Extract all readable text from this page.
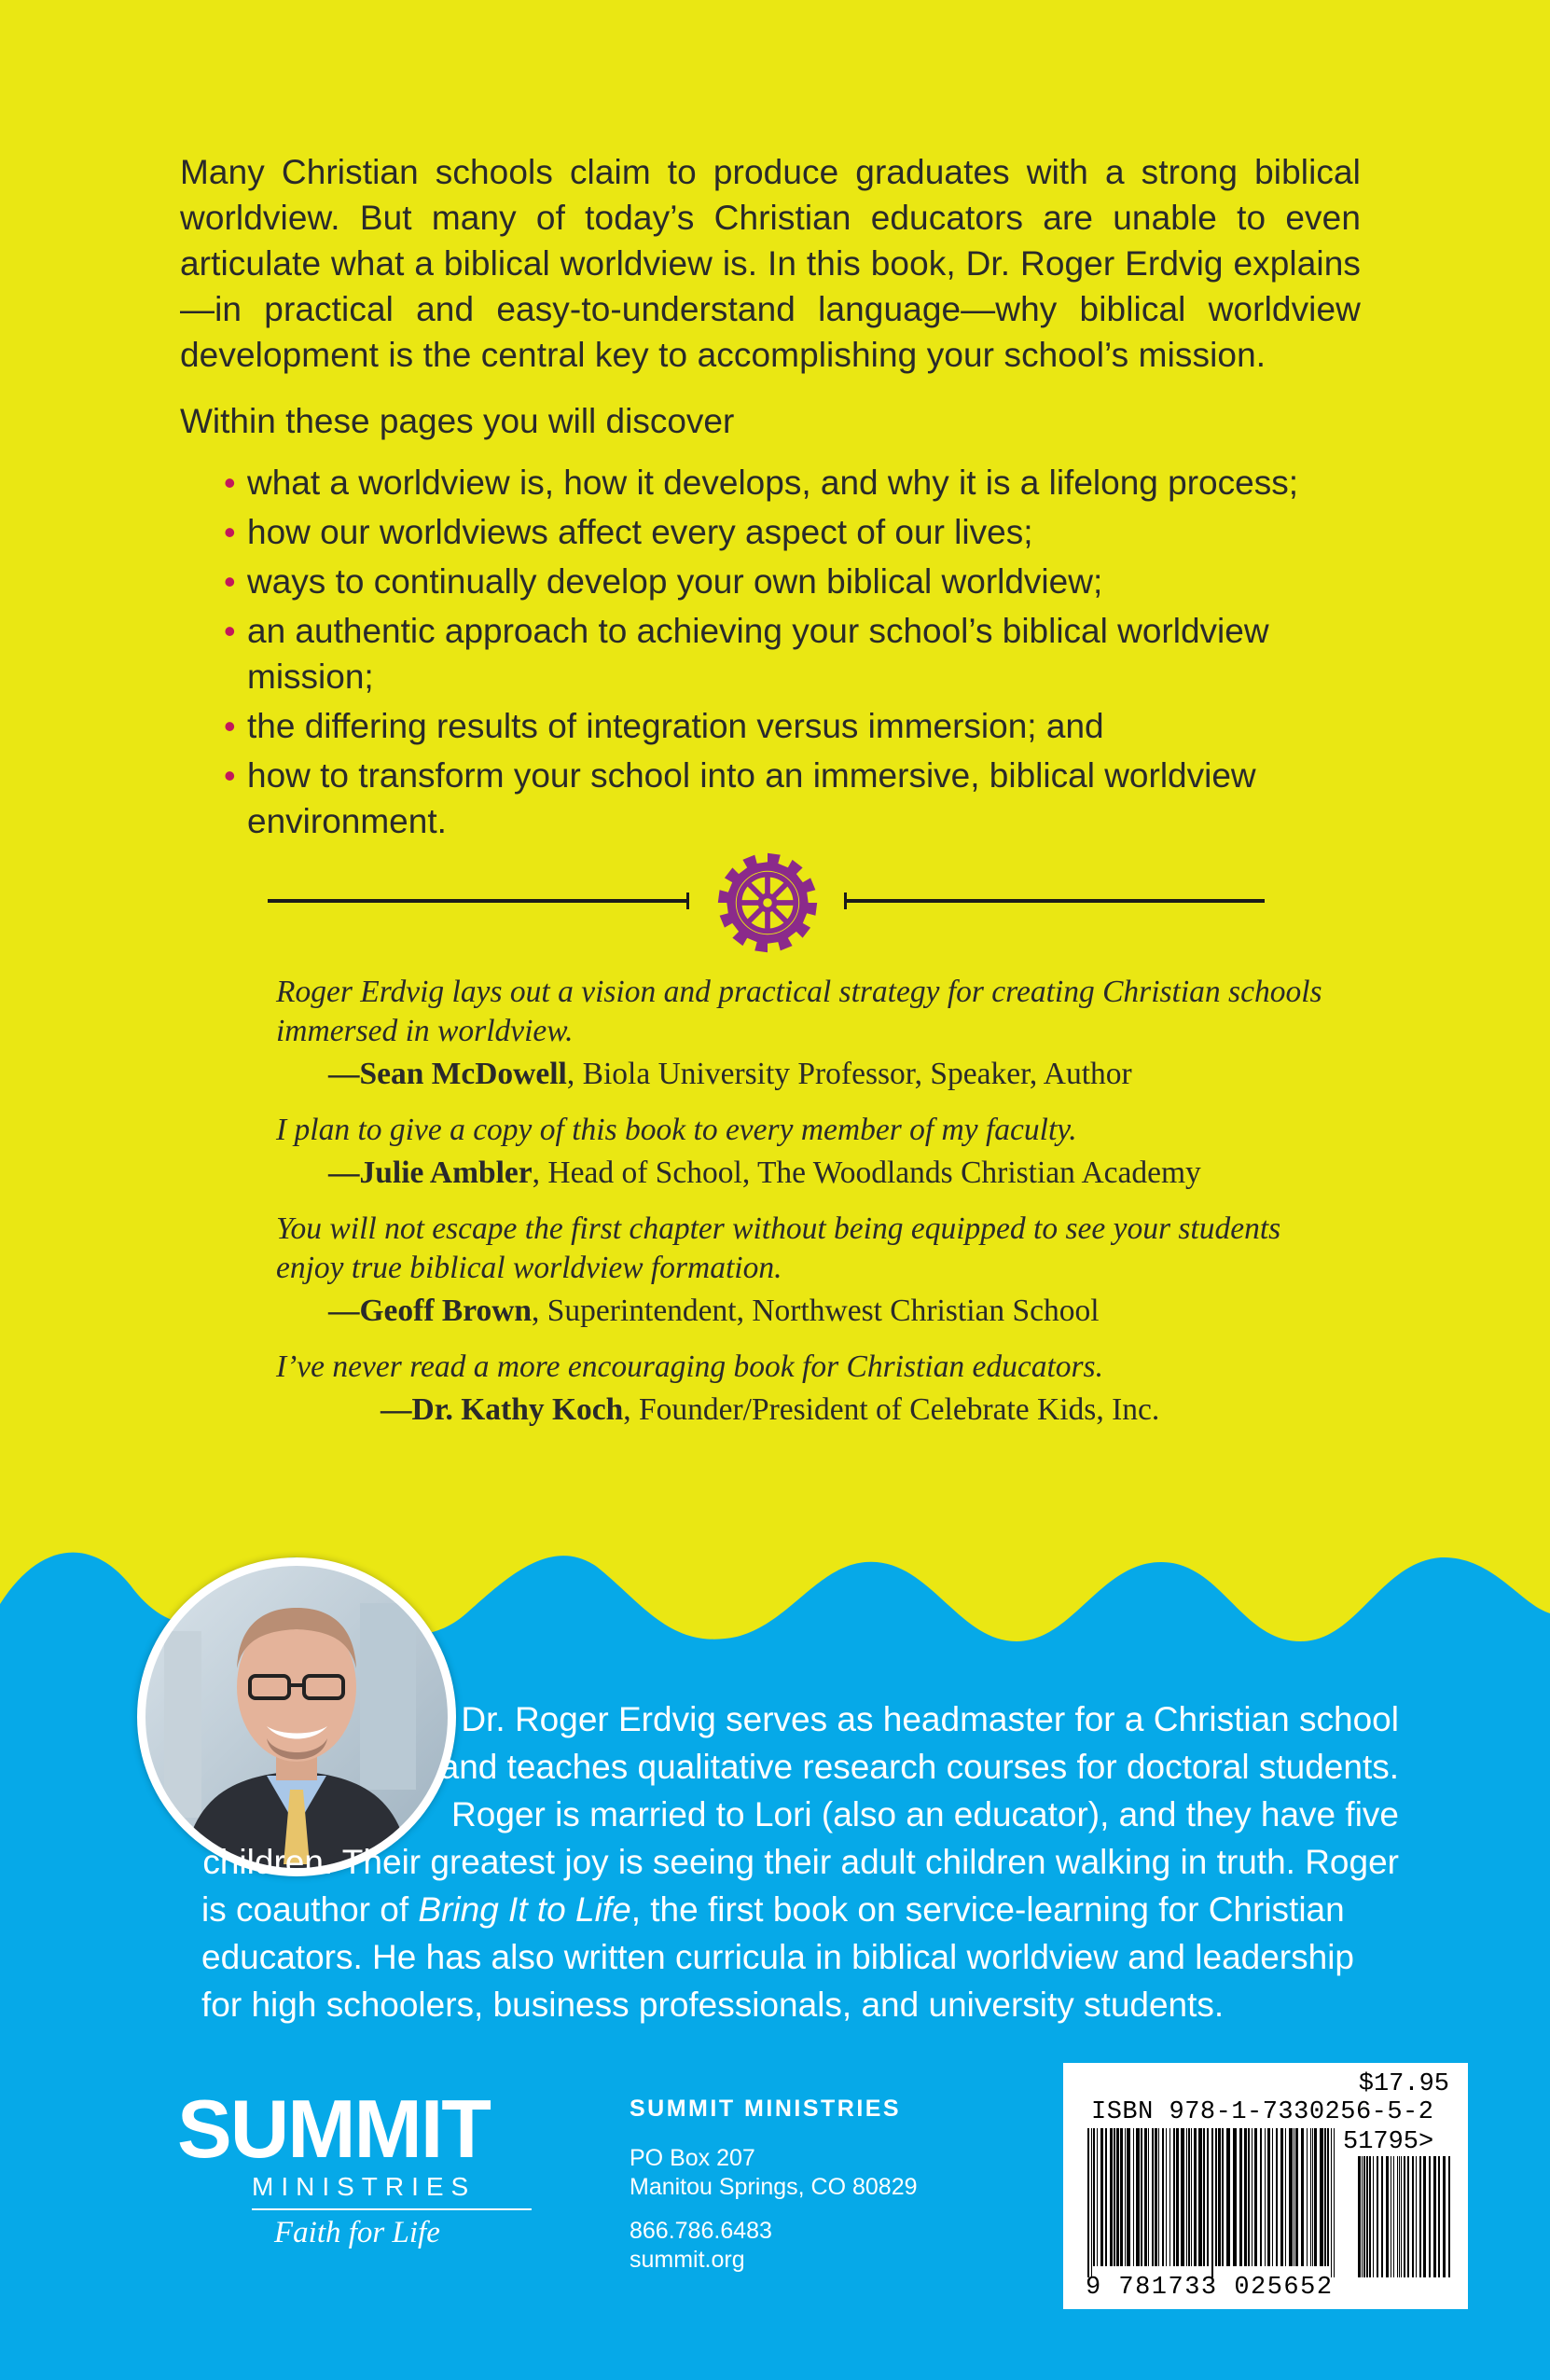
Many Christian schools claim to produce graduates with a strong biblical worldview. But many of today’s Christian educators are unable to even articulate what a biblical worldview is. In this book, Dr. Roger Erdvig explains—in practical and easy-to-understand language—why biblical worldview development is the central key to accomplishing your school’s mission.

Within these pages you will discover

• what a worldview is, how it develops, and why it is a lifelong process;
• how our worldviews affect every aspect of our lives;
• ways to continually develop your own biblical worldview;
• an authentic approach to achieving your school’s biblical worldview mission;
• the differing results of integration versus immersion; and
• how to transform your school into an immersive, biblical worldview environment.

Roger Erdvig lays out a vision and practical strategy for creating Christian schools immersed in worldview.

—Sean McDowell, Biola University Professor, Speaker, Author

I plan to give a copy of this book to every member of my faculty.

—Julie Ambler, Head of School, The Woodlands Christian Academy

You will not escape the first chapter without being equipped to see your students enjoy true biblical worldview formation.

—Geoff Brown, Superintendent, Northwest Christian School

I’ve never read a more encouraging book for Christian educators.

—Dr. Kathy Koch, Founder/President of Celebrate Kids, Inc.

Dr. Roger Erdvig serves as headmaster for a Christian school
and teaches qualitative research courses for doctoral students.
Roger is married to Lori (also an educator), and they have five
children. Their greatest joy is seeing their adult children walking in truth. Roger
is coauthor of Bring It to Life, the first book on service-learning for Christian
educators. He has also written curricula in biblical worldview and leadership
for high schoolers, business professionals, and university students.

SUMMIT
MINISTRIES
Faith for Life
SUMMIT MINISTRIES
PO Box 207
Manitou Springs, CO 80829
866.786.6483
summit.org
$17.95
ISBN 978-1-7330256-5-2
51795>
9 781733 025652
